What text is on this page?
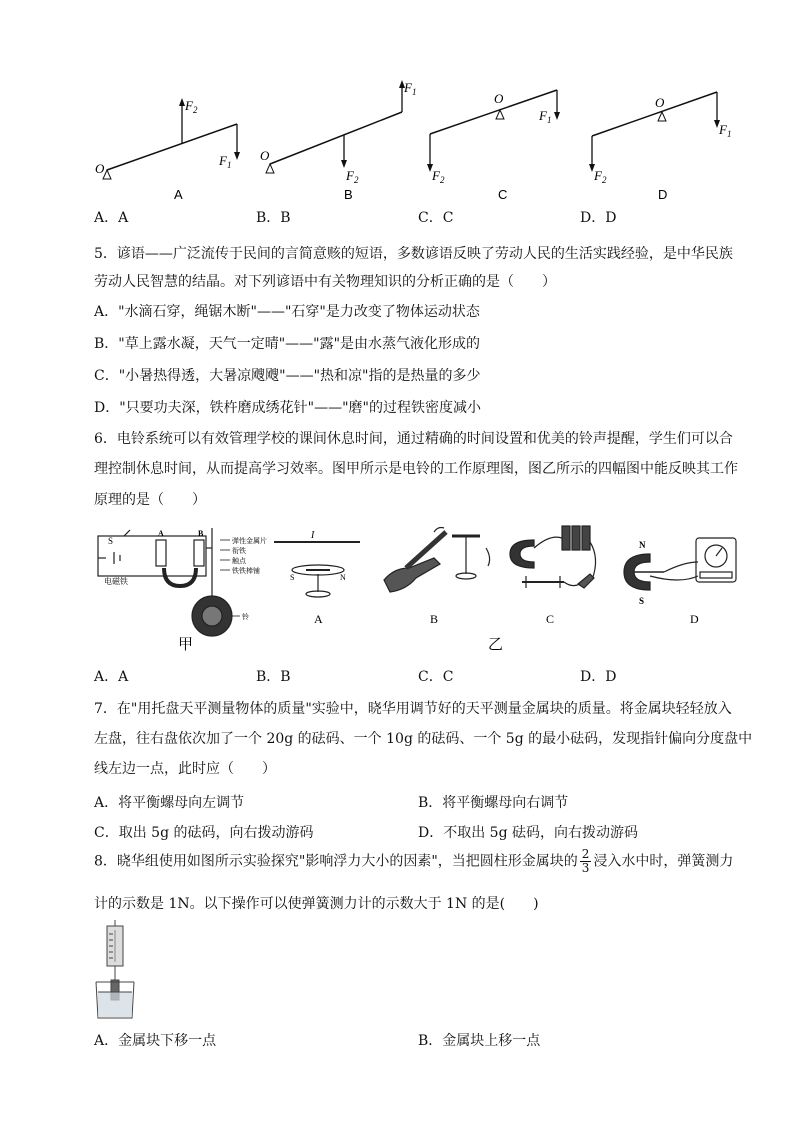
O
$F_2$
$F_1$
O
$F_1$
$F_2$
O
$F_1$
$F_2$
O
$F_1$
$F_2$
A	B	C	D
A．A	B．B	C．C	D．D
5．谚语——广泛流传于民间的言简意赅的短语，多数谚语反映了劳动人民的生活实践经验，是中华民族
劳动人民智慧的结晶。对下列谚语中有关物理知识的分析正确的是（　　）
A．"水滴石穿，绳锯木断"——"石穿"是力改变了物体运动状态
B．"草上露水凝，天气一定晴"——"露"是由水蒸气液化形成的
C．"小暑热得透，大暑凉飕飕"——"热和凉"指的是热量的多少
D．"只要功夫深，铁杵磨成绣花针"——"磨"的过程铁密度减小
6．电铃系统可以有效管理学校的课间休息时间，通过精确的时间设置和优美的铃声提醒，学生们可以合
理控制休息时间，从而提高学习效率。图甲所示是电铃的工作原理图，图乙所示的四幅图中能反映其工作
原理的是（　　）
S
A	B
电磁铁
弹性金属片
衔铁
触点
铁铁棒铺
铃
甲
I
S	N
A	B	C
N
S
D
乙
A．A	B．B	C．C	D．D
7．在"用托盘天平测量物体的质量"实验中，晓华用调节好的天平测量金属块的质量。将金属块轻轻放入
左盘，往右盘依次加了一个 20g 的砝码、一个 10g 的砝码、一个 5g 的最小砝码，发现指针偏向分度盘中
线左边一点，此时应（　　）
A．将平衡螺母向左调节	B．将平衡螺母向右调节
C．取出 5g 的砝码，向右拨动游码	D．不取出 5g 砝码，向右拨动游码
8．晓华组使用如图所示实验探究"影响浮力大小的因素"，当把圆柱形金属块的 $\frac{2}{3}$ 浸入水中时，弹簧测力
计的示数是 1N。以下操作可以使弹簧测力计的示数大于 1N 的是(　　)
A．金属块下移一点	B．金属块上移一点
